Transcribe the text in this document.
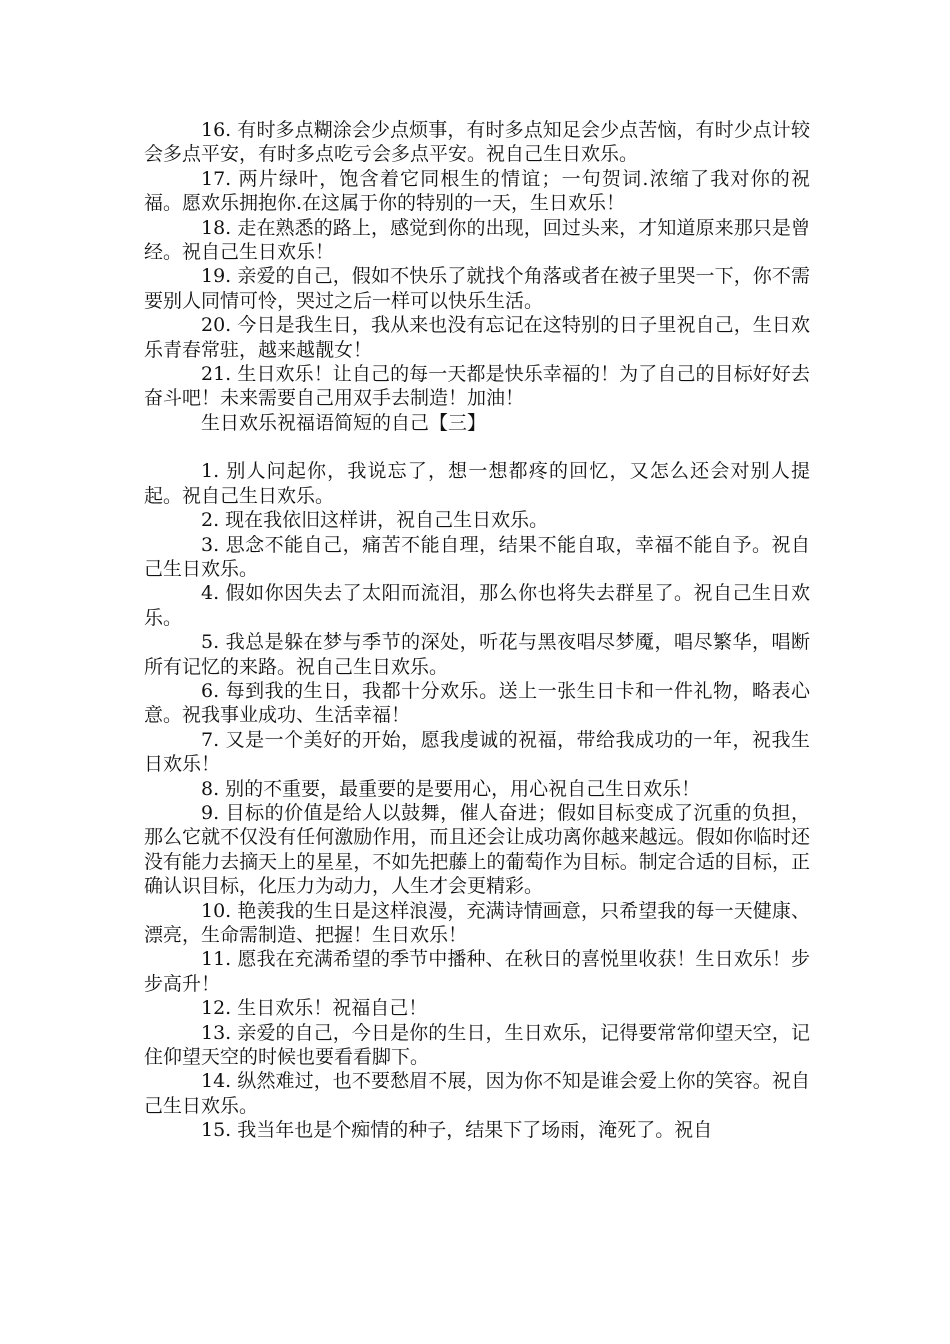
16. 有时多点糊涂会少点烦事，有时多点知足会少点苦恼，有时少点计较会多点平安，有时多点吃亏会多点平安。祝自己生日欢乐。

17. 两片绿叶，饱含着它同根生的情谊；一句贺词.浓缩了我对你的祝福。愿欢乐拥抱你.在这属于你的特别的一天，生日欢乐！

18. 走在熟悉的路上，感觉到你的出现，回过头来，才知道原来那只是曾经。祝自己生日欢乐！

19. 亲爱的自己，假如不快乐了就找个角落或者在被子里哭一下，你不需要别人同情可怜，哭过之后一样可以快乐生活。

20. 今日是我生日，我从来也没有忘记在这特别的日子里祝自己，生日欢乐青春常驻，越来越靓女！

21. 生日欢乐！让自己的每一天都是快乐幸福的！为了自己的目标好好去奋斗吧！未来需要自己用双手去制造！加油！

生日欢乐祝福语简短的自己【三】

1. 别人问起你，我说忘了，想一想都疼的回忆，又怎么还会对别人提起。祝自己生日欢乐。

2. 现在我依旧这样讲，祝自己生日欢乐。

3. 思念不能自己，痛苦不能自理，结果不能自取，幸福不能自予。祝自己生日欢乐。

4. 假如你因失去了太阳而流泪，那么你也将失去群星了。祝自己生日欢乐。

5. 我总是躲在梦与季节的深处，听花与黑夜唱尽梦魇，唱尽繁华，唱断所有记忆的来路。祝自己生日欢乐。

6. 每到我的生日，我都十分欢乐。送上一张生日卡和一件礼物，略表心意。祝我事业成功、生活幸福！

7. 又是一个美好的开始，愿我虔诚的祝福，带给我成功的一年，祝我生日欢乐！

8. 别的不重要，最重要的是要用心，用心祝自己生日欢乐！

9. 目标的价值是给人以鼓舞，催人奋进；假如目标变成了沉重的负担，那么它就不仅没有任何激励作用，而且还会让成功离你越来越远。假如你临时还没有能力去摘天上的星星，不如先把藤上的葡萄作为目标。制定合适的目标，正确认识目标，化压力为动力，人生才会更精彩。

10. 艳羡我的生日是这样浪漫，充满诗情画意，只希望我的每一天健康、漂亮，生命需制造、把握！生日欢乐！

11. 愿我在充满希望的季节中播种、在秋日的喜悦里收获！生日欢乐！步步高升！

12. 生日欢乐！祝福自己！

13. 亲爱的自己，今日是你的生日，生日欢乐，记得要常常仰望天空，记住仰望天空的时候也要看看脚下。

14. 纵然难过，也不要愁眉不展，因为你不知是谁会爱上你的笑容。祝自己生日欢乐。

15. 我当年也是个痴情的种子，结果下了场雨，淹死了。祝自
